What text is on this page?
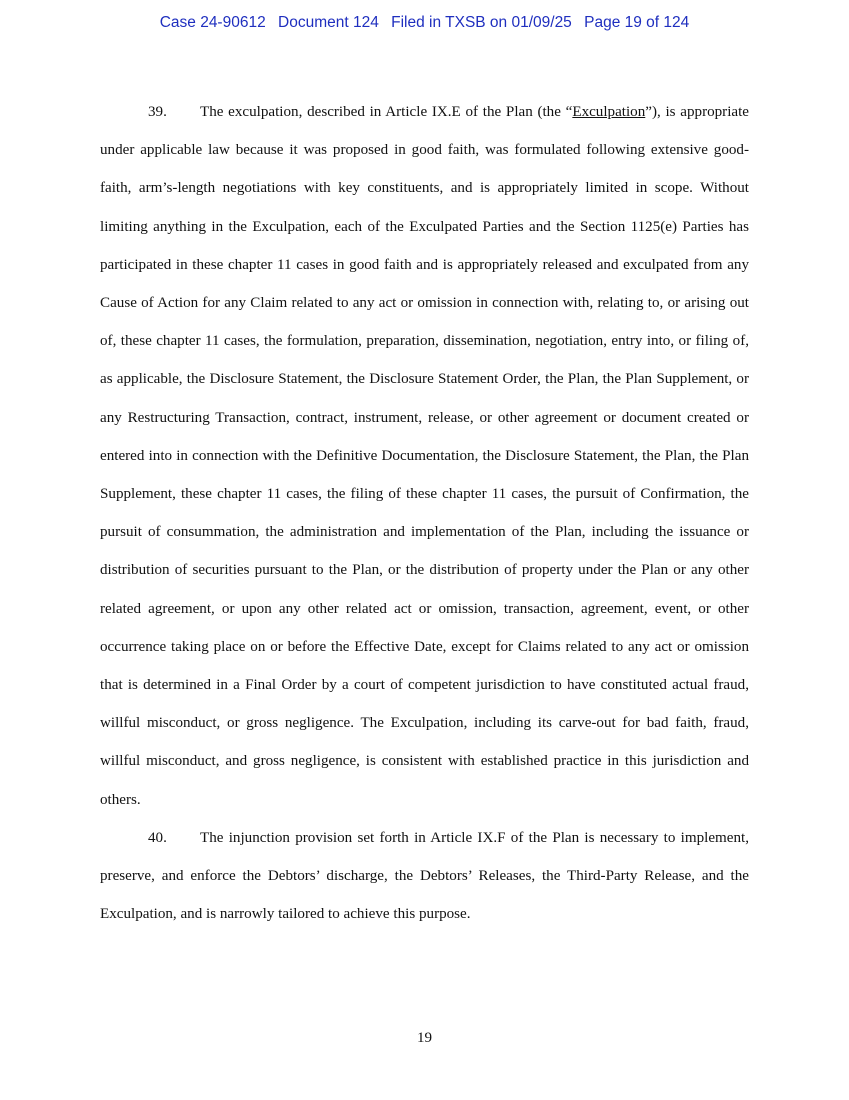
Case 24-90612 Document 124 Filed in TXSB on 01/09/25 Page 19 of 124

39. The exculpation, described in Article IX.E of the Plan (the “Exculpation”), is appropriate under applicable law because it was proposed in good faith, was formulated following extensive good-faith, arm’s-length negotiations with key constituents, and is appropriately limited in scope. Without limiting anything in the Exculpation, each of the Exculpated Parties and the Section 1125(e) Parties has participated in these chapter 11 cases in good faith and is appropriately released and exculpated from any Cause of Action for any Claim related to any act or omission in connection with, relating to, or arising out of, these chapter 11 cases, the formulation, preparation, dissemination, negotiation, entry into, or filing of, as applicable, the Disclosure Statement, the Disclosure Statement Order, the Plan, the Plan Supplement, or any Restructuring Transaction, contract, instrument, release, or other agreement or document created or entered into in connection with the Definitive Documentation, the Disclosure Statement, the Plan, the Plan Supplement, these chapter 11 cases, the filing of these chapter 11 cases, the pursuit of Confirmation, the pursuit of consummation, the administration and implementation of the Plan, including the issuance or distribution of securities pursuant to the Plan, or the distribution of property under the Plan or any other related agreement, or upon any other related act or omission, transaction, agreement, event, or other occurrence taking place on or before the Effective Date, except for Claims related to any act or omission that is determined in a Final Order by a court of competent jurisdiction to have constituted actual fraud, willful misconduct, or gross negligence. The Exculpation, including its carve-out for bad faith, fraud, willful misconduct, and gross negligence, is consistent with established practice in this jurisdiction and others.

40. The injunction provision set forth in Article IX.F of the Plan is necessary to implement, preserve, and enforce the Debtors’ discharge, the Debtors’ Releases, the Third-Party Release, and the Exculpation, and is narrowly tailored to achieve this purpose.

19
